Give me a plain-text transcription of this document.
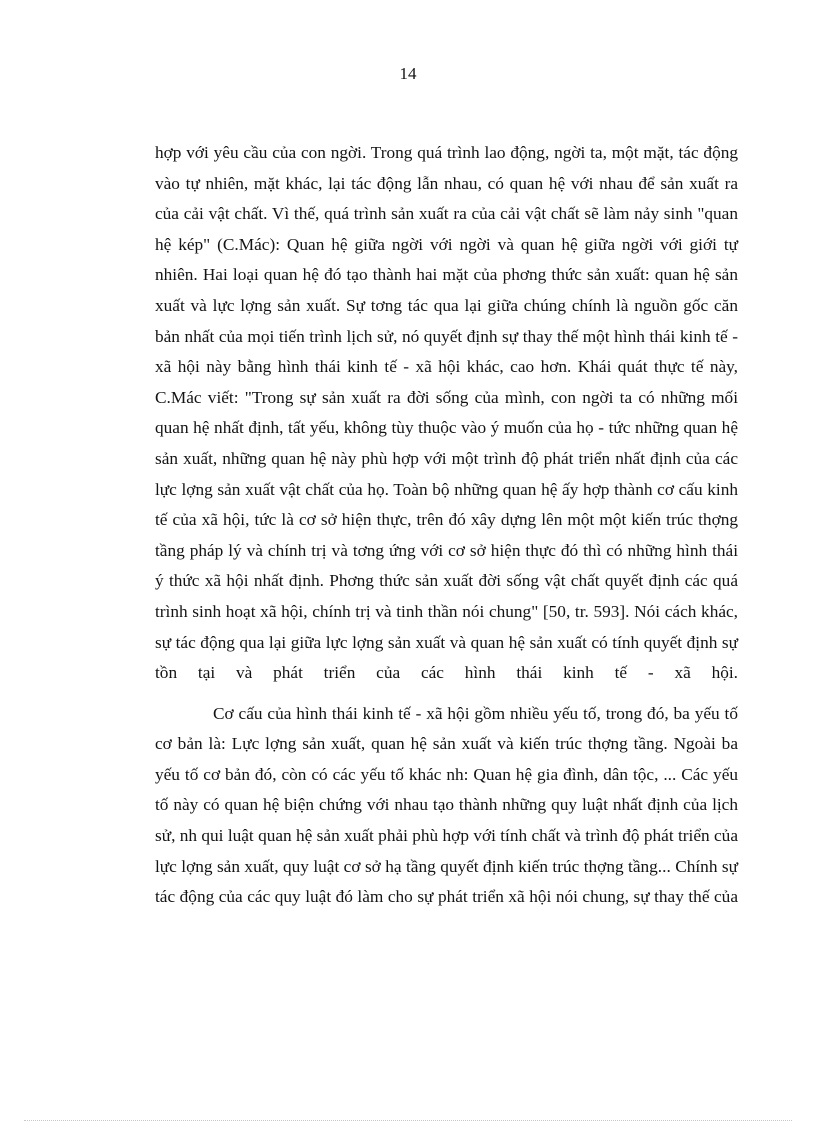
14

hợp với yêu cầu của con ngời. Trong quá trình lao động, ngời ta, một mặt, tác động vào tự nhiên, mặt khác, lại tác động lẫn nhau, có quan hệ với nhau để sản xuất ra của cải vật chất. Vì thế, quá trình sản xuất ra của cải vật chất sẽ làm nảy sinh "quan hệ kép" (C.Mác): Quan hệ giữa ngời với ngời và quan hệ giữa ngời với giới tự nhiên. Hai loại quan hệ đó tạo thành hai mặt của phơng thức sản xuất: quan hệ sản xuất và lực lợng sản xuất. Sự tơng tác qua lại giữa chúng chính là nguồn gốc căn bản nhất của mọi tiến trình lịch sử, nó quyết định sự thay thế một hình thái kinh tế - xã hội này bằng hình thái kinh tế - xã hội khác, cao hơn. Khái quát thực tế này, C.Mác viết: "Trong sự sản xuất ra đời sống của mình, con ngời ta có những mối quan hệ nhất định, tất yếu, không tùy thuộc vào ý muốn của họ - tức những quan hệ sản xuất, những quan hệ này phù hợp với một trình độ phát triển nhất định của các lực lợng sản xuất vật chất của họ. Toàn bộ những quan hệ ấy hợp thành cơ cấu kinh tế của xã hội, tức là cơ sở hiện thực, trên đó xây dựng lên một một kiến trúc thợng tầng pháp lý và chính trị và tơng ứng với cơ sở hiện thực đó thì có những hình thái ý thức xã hội nhất định. Phơng thức sản xuất đời sống vật chất quyết định các quá trình sinh hoạt xã hội, chính trị và tinh thần nói chung" [50, tr. 593]. Nói cách khác, sự tác động qua lại giữa lực lợng sản xuất và quan hệ sản xuất có tính quyết định sự tồn tại và phát triển của các hình thái kinh tế - xã hội.

Cơ cấu của hình thái kinh tế - xã hội gồm nhiều yếu tố, trong đó, ba yếu tố cơ bản là: Lực lợng sản xuất, quan hệ sản xuất và kiến trúc thợng tầng. Ngoài ba yếu tố cơ bản đó, còn có các yếu tố khác nh: Quan hệ gia đình, dân tộc, ... Các yếu tố này có quan hệ biện chứng với nhau tạo thành những quy luật nhất định của lịch sử, nh qui luật quan hệ sản xuất phải phù hợp với tính chất và trình độ phát triển của lực lợng sản xuất, quy luật cơ sở hạ tầng quyết định kiến trúc thợng tầng... Chính sự tác động của các quy luật đó làm cho sự phát triển xã hội nói chung, sự thay thế của
